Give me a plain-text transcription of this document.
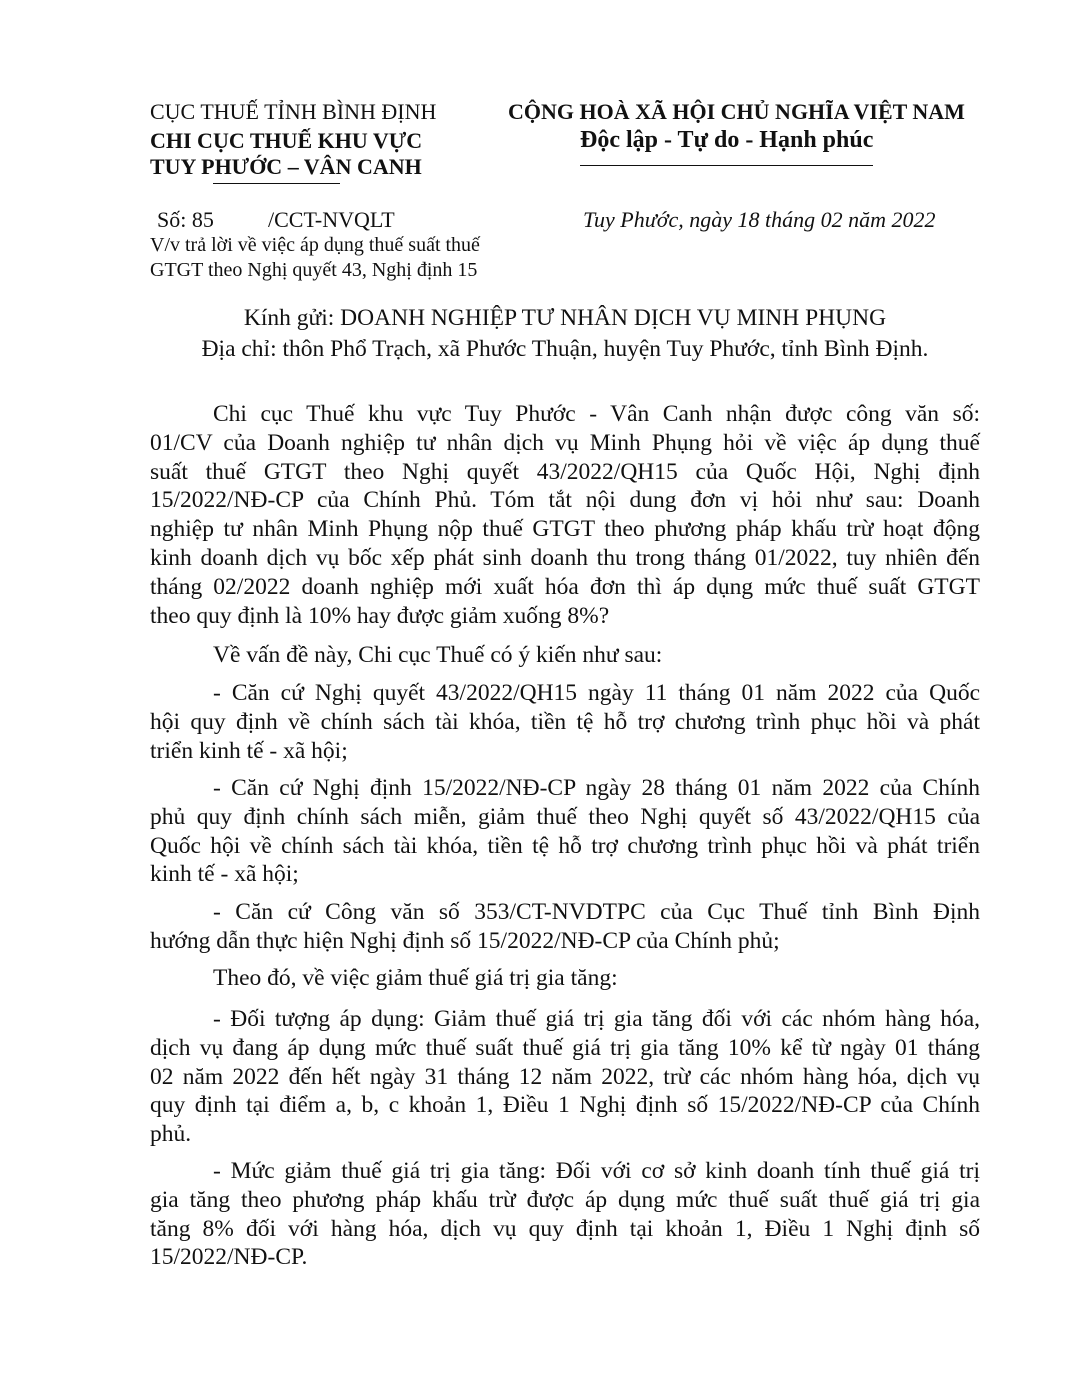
CỤC THUẾ TỈNH BÌNH ĐỊNH
CHI CỤC THUẾ KHU VỰC
TUY PHƯỚC – VÂN CANH
CỘNG HOÀ XÃ HỘI CHỦ NGHĨA VIỆT NAM
Độc lập - Tự do - Hạnh phúc
Số: 85 /CCT-NVQLT
V/v trả lời về việc áp dụng thuế suất thuế
GTGT theo Nghị quyết 43, Nghị định 15
Tuy Phước, ngày 18 tháng 02 năm 2022
Kính gửi: DOANH NGHIỆP TƯ NHÂN DỊCH VỤ MINH PHỤNG
Địa chỉ: thôn Phổ Trạch, xã Phước Thuận, huyện Tuy Phước, tỉnh Bình Định.
Chi cục Thuế khu vực Tuy Phước - Vân Canh nhận được công văn số:
01/CV của Doanh nghiệp tư nhân dịch vụ Minh Phụng hỏi về việc áp dụng thuế
suất thuế GTGT theo Nghị quyết 43/2022/QH15 của Quốc Hội, Nghị định
15/2022/NĐ-CP của Chính Phủ. Tóm tắt nội dung đơn vị hỏi như sau: Doanh
nghiệp tư nhân Minh Phụng nộp thuế GTGT theo phương pháp khấu trừ hoạt động
kinh doanh dịch vụ bốc xếp phát sinh doanh thu trong tháng 01/2022, tuy nhiên đến
tháng 02/2022 doanh nghiệp mới xuất hóa đơn thì áp dụng mức thuế suất GTGT
theo quy định là 10% hay được giảm xuống 8%?
Về vấn đề này, Chi cục Thuế có ý kiến như sau:
- Căn cứ Nghị quyết 43/2022/QH15 ngày 11 tháng 01 năm 2022 của Quốc
hội quy định về chính sách tài khóa, tiền tệ hỗ trợ chương trình phục hồi và phát
triển kinh tế - xã hội;
- Căn cứ Nghị định 15/2022/NĐ-CP ngày 28 tháng 01 năm 2022 của Chính
phủ quy định chính sách miễn, giảm thuế theo Nghị quyết số 43/2022/QH15 của
Quốc hội về chính sách tài khóa, tiền tệ hỗ trợ chương trình phục hồi và phát triển
kinh tế - xã hội;
- Căn cứ Công văn số 353/CT-NVDTPC của Cục Thuế tỉnh Bình Định
hướng dẫn thực hiện Nghị định số 15/2022/NĐ-CP của Chính phủ;
Theo đó, về việc giảm thuế giá trị gia tăng:
- Đối tượng áp dụng: Giảm thuế giá trị gia tăng đối với các nhóm hàng hóa,
dịch vụ đang áp dụng mức thuế suất thuế giá trị gia tăng 10% kể từ ngày 01 tháng
02 năm 2022 đến hết ngày 31 tháng 12 năm 2022, trừ các nhóm hàng hóa, dịch vụ
quy định tại điểm a, b, c khoản 1, Điều 1 Nghị định số 15/2022/NĐ-CP của Chính
phủ.
- Mức giảm thuế giá trị gia tăng: Đối với cơ sở kinh doanh tính thuế giá trị
gia tăng theo phương pháp khấu trừ được áp dụng mức thuế suất thuế giá trị gia
tăng 8% đối với hàng hóa, dịch vụ quy định tại khoản 1, Điều 1 Nghị định số
15/2022/NĐ-CP.
